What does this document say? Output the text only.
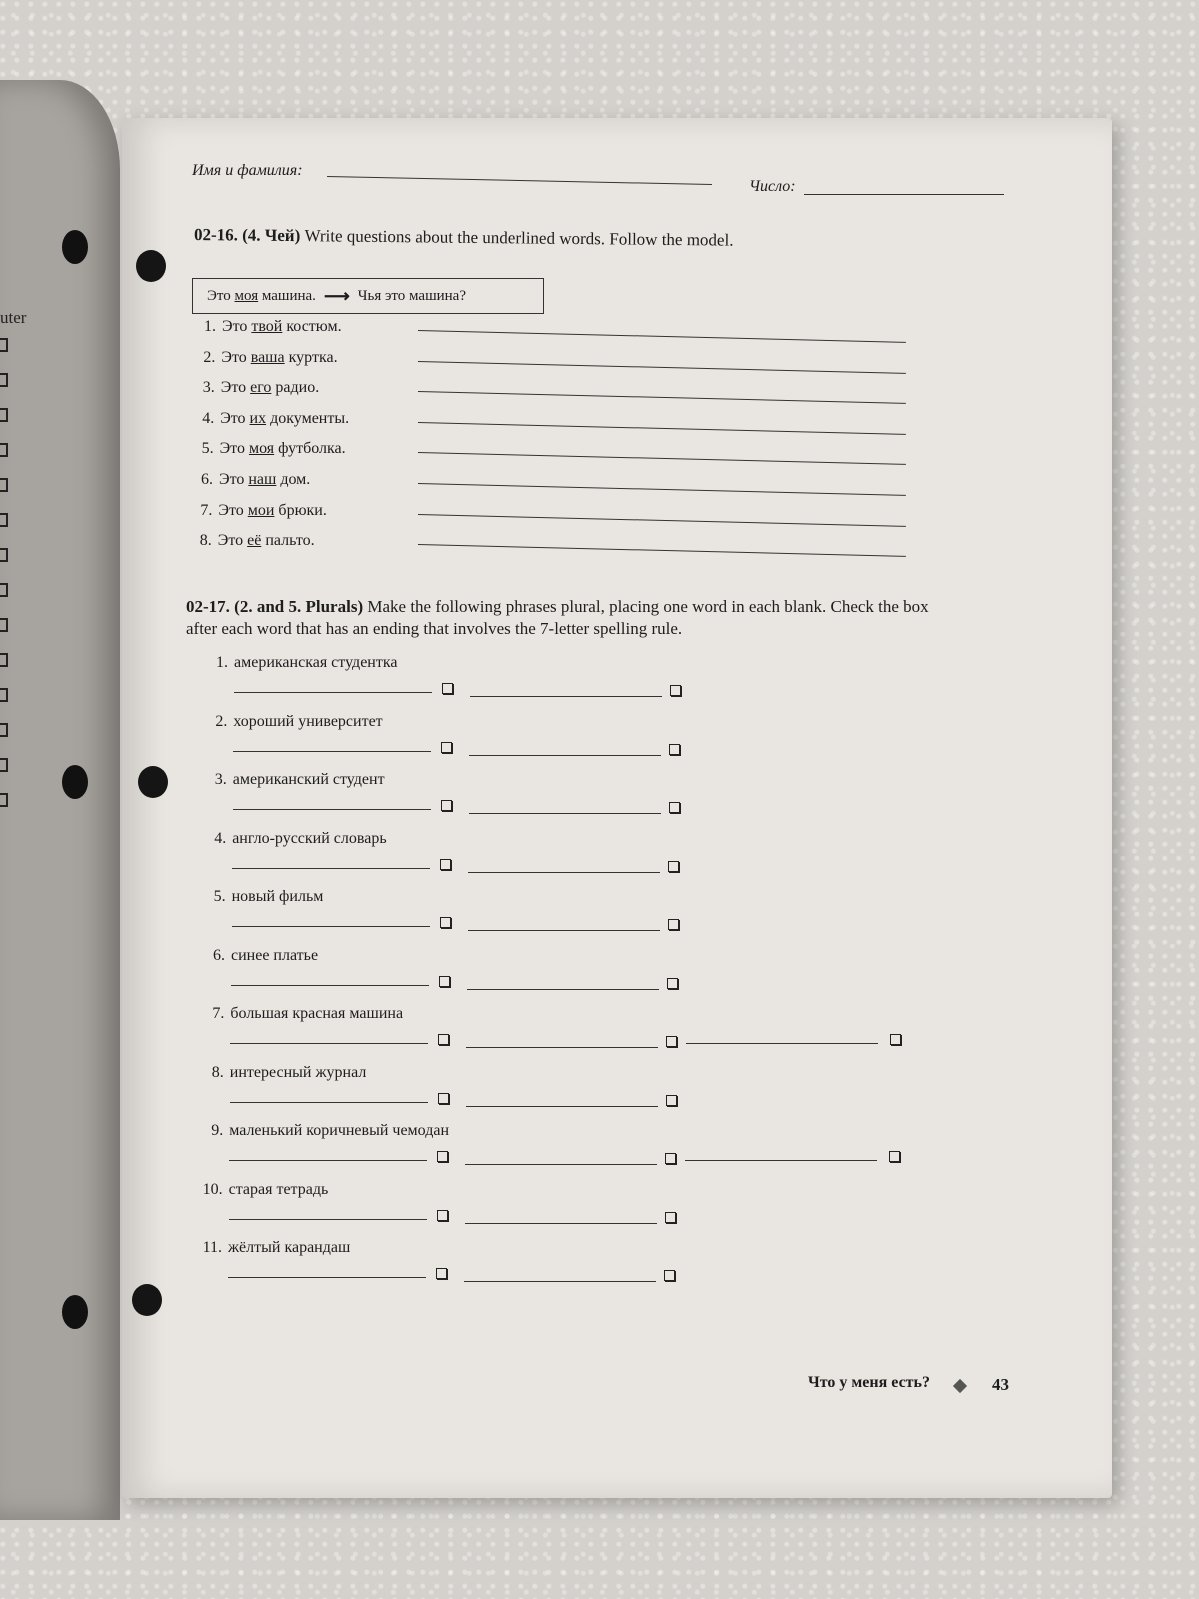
uter
Имя и фамилия:
Число:
02-16. (4. Чей) Write questions about the underlined words. Follow the model.
Это моя машина. ⟶ Чья это машина?
1. Это твой костюм.
2. Это ваша куртка.
3. Это его радио.
4. Это их документы.
5. Это моя футболка.
6. Это наш дом.
7. Это мои брюки.
8. Это её пальто.
02-17. (2. and 5. Plurals) Make the following phrases plural, placing one word in each blank. Check the box
after each word that has an ending that involves the 7-letter spelling rule.
1. американская студентка
2. хороший университет
3. американский студент
4. англо-русский словарь
5. новый фильм
6. синее платье
7. большая красная машина
8. интересный журнал
9. маленький коричневый чемодан
10. старая тетрадь
11. жёлтый карандаш
Что у меня есть?	43
